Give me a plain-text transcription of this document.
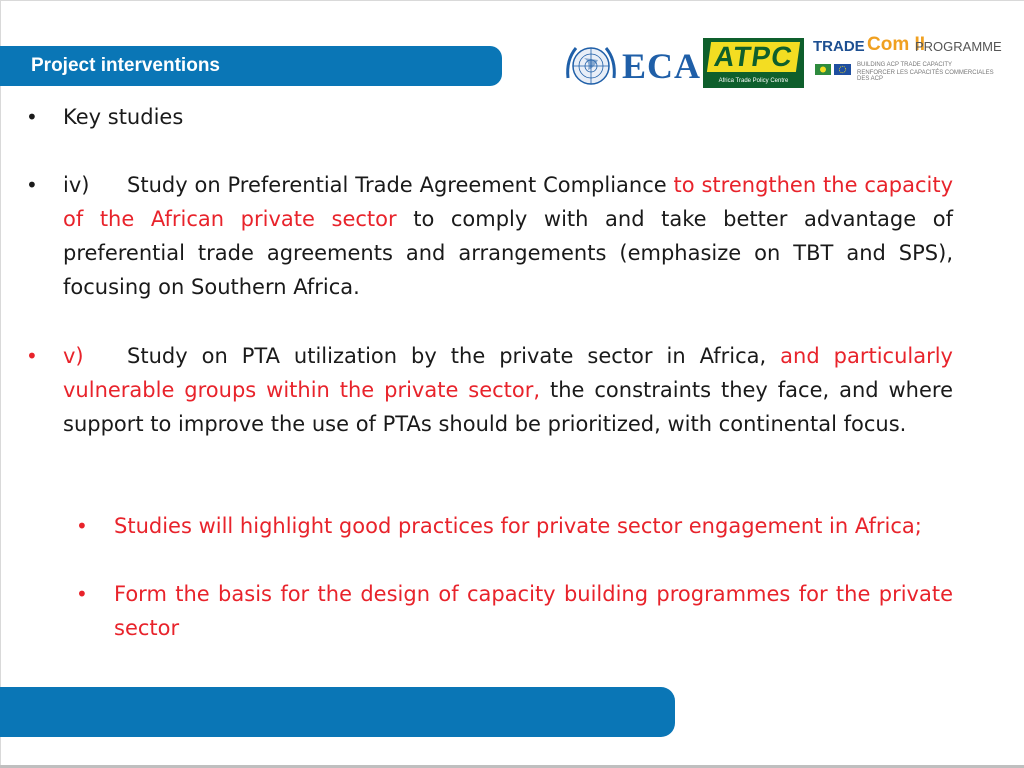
Project interventions	ECA ATPC
Africa Trade Policy Centre
TRADE Com II
PROGRAMME
BUILDING ACP TRADE CAPACITY
RENFORCER LES CAPACITÉS COMMERCIALES DES ACP
• Key studies
• iv) Study on Preferential Trade Agreement Compliance to strengthen the capacity of the African private sector to comply with and take better advantage of preferential trade agreements and arrangements (emphasize on TBT and SPS), focusing on Southern Africa.
• v) Study on PTA utilization by the private sector in Africa, and particularly vulnerable groups within the private sector, the constraints they face, and where support to improve the use of PTAs should be prioritized, with continental focus.
• Studies will highlight good practices for private sector engagement in Africa;
• Form the basis for the design of capacity building programmes for the private sector
